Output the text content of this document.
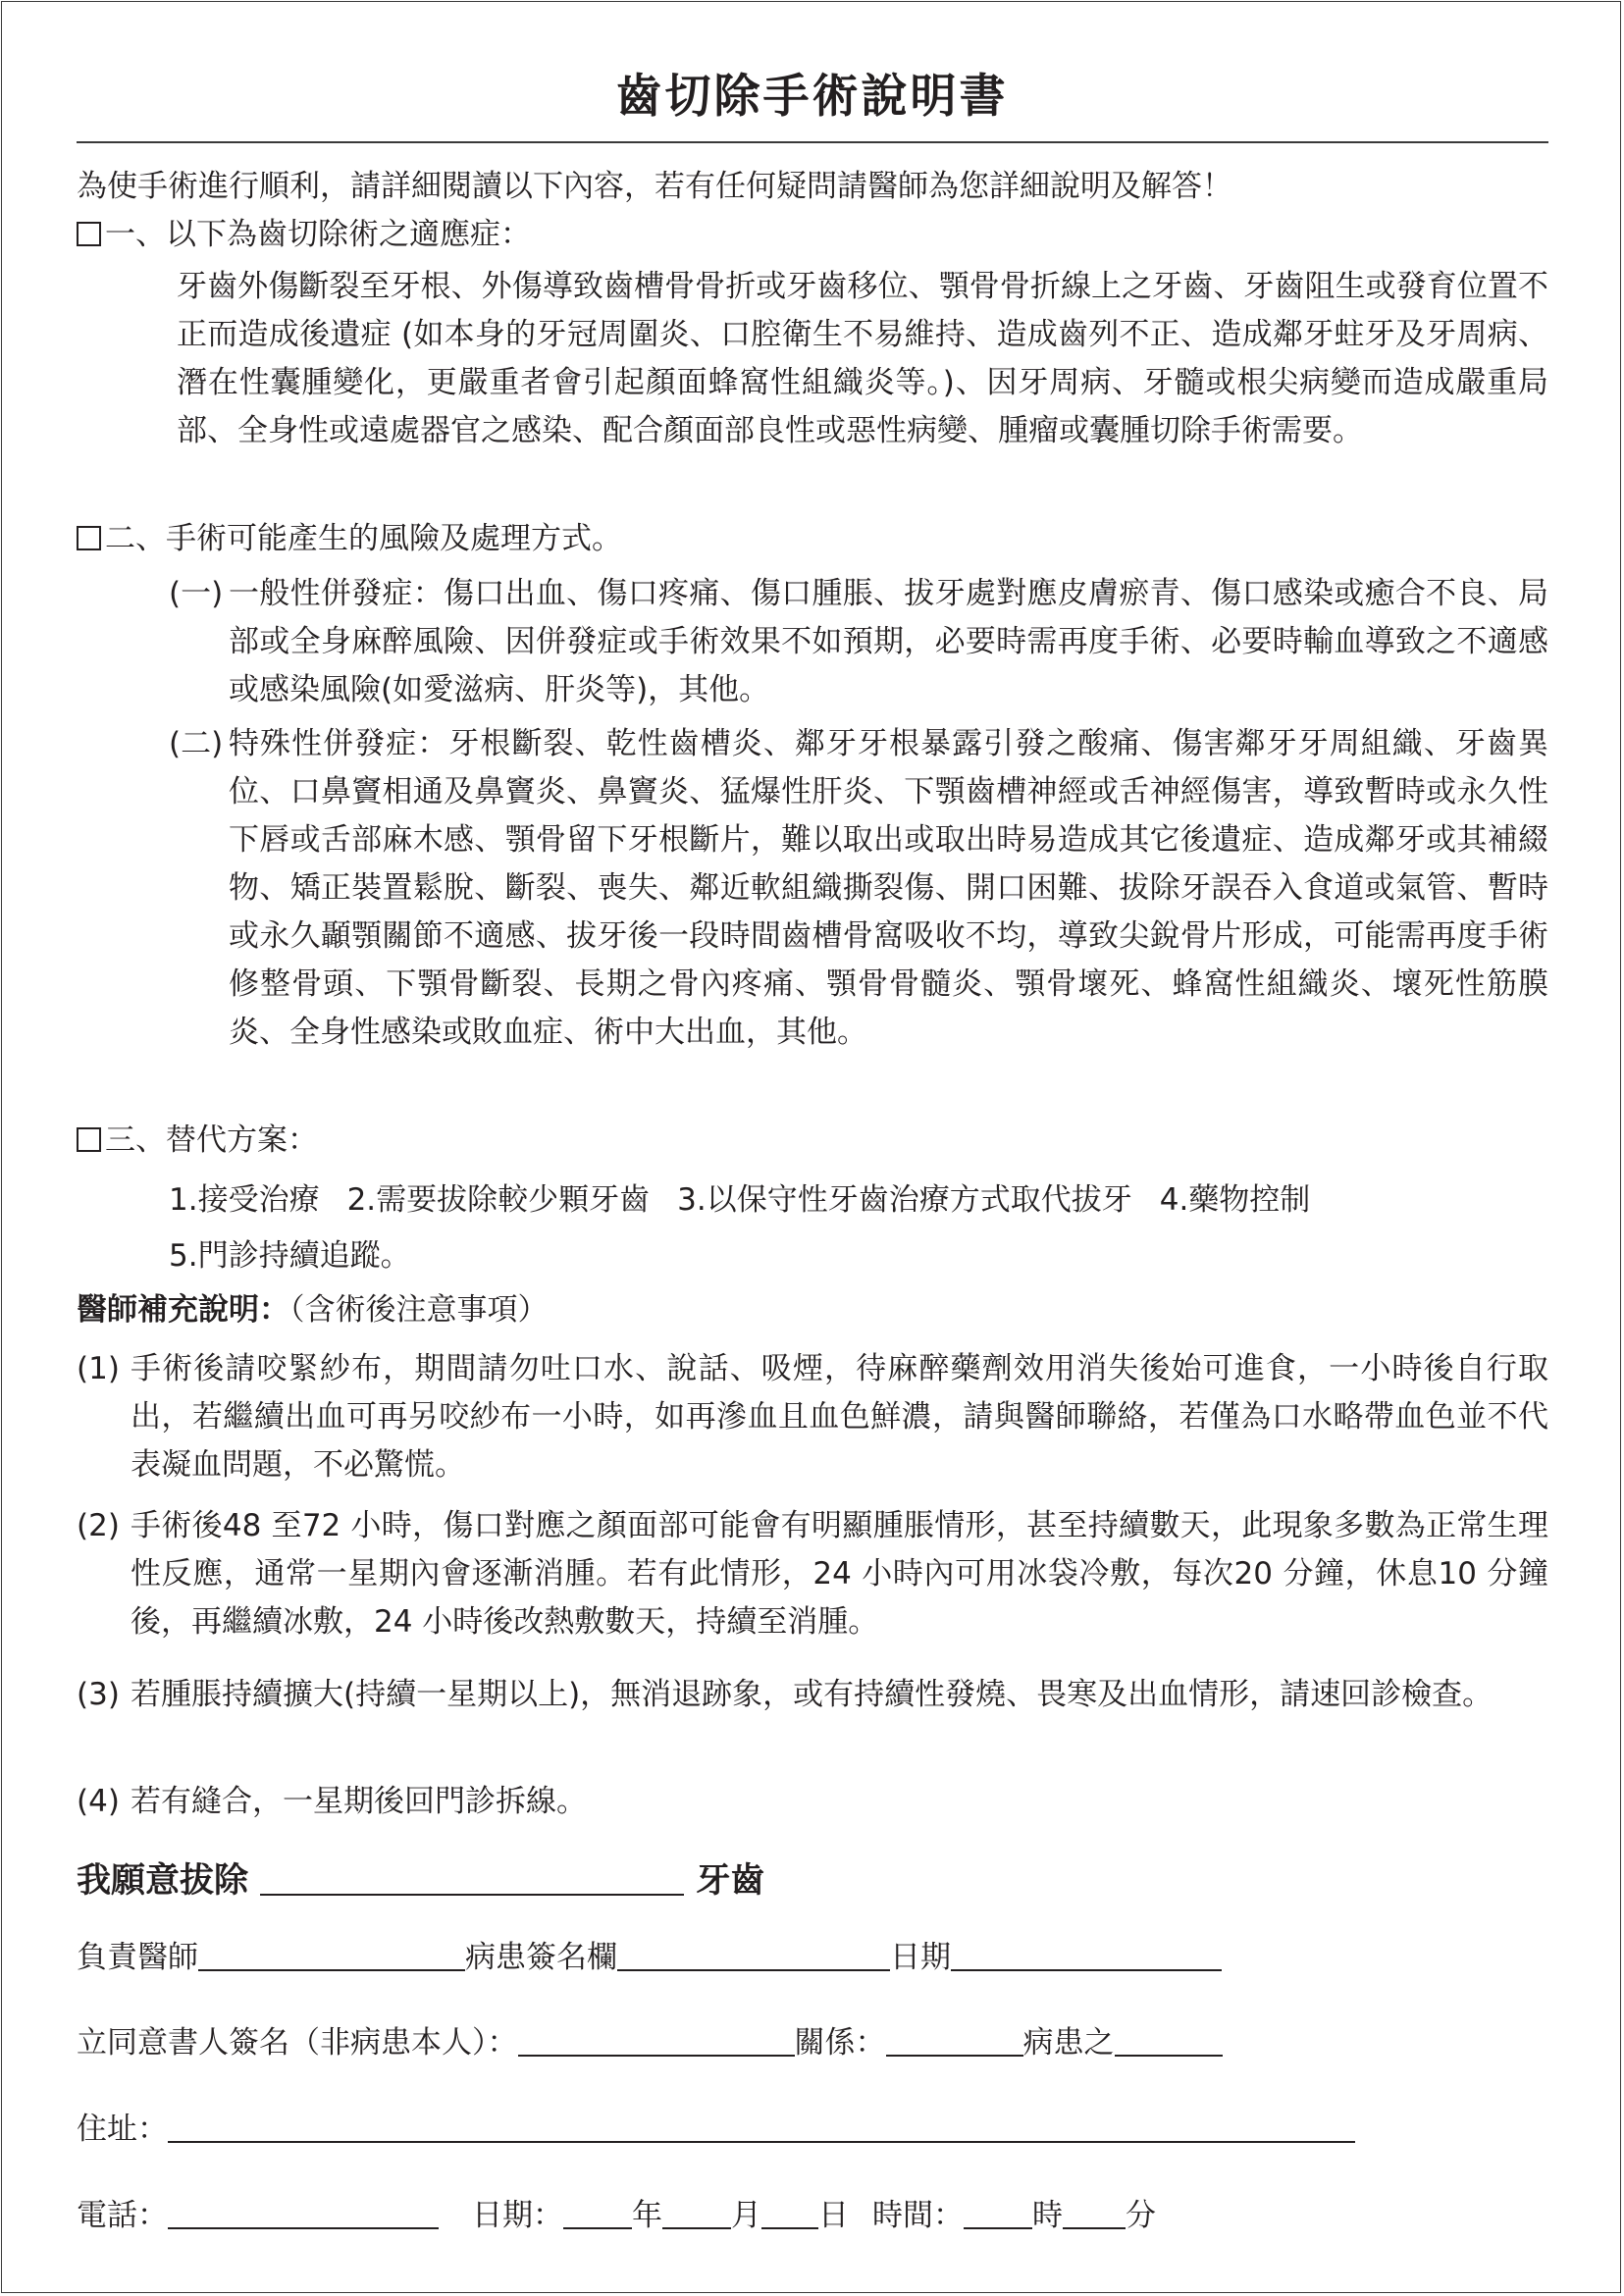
齒切除手術說明書

為使手術進行順利，請詳細閱讀以下內容，若有任何疑問請醫師為您詳細說明及解答！

一、以下為齒切除術之適應症：

牙齒外傷斷裂至牙根、外傷導致齒槽骨骨折或牙齒移位、顎骨骨折線上之牙齒、牙齒阻生或發育位置不正而造成後遺症 (如本身的牙冠周圍炎、口腔衛生不易維持、造成齒列不正、造成鄰牙蛀牙及牙周病、潛在性囊腫變化，更嚴重者會引起顏面蜂窩性組織炎等。)、因牙周病、牙髓或根尖病變而造成嚴重局部、全身性或遠處器官之感染、配合顏面部良性或惡性病變、腫瘤或囊腫切除手術需要。

二、手術可能產生的風險及處理方式。

(一) 一般性併發症：傷口出血、傷口疼痛、傷口腫脹、拔牙處對應皮膚瘀青、傷口感染或癒合不良、局部或全身麻醉風險、因併發症或手術效果不如預期，必要時需再度手術、必要時輸血導致之不適感或感染風險(如愛滋病、肝炎等)，其他。

(二) 特殊性併發症：牙根斷裂、乾性齒槽炎、鄰牙牙根暴露引發之酸痛、傷害鄰牙牙周組織、牙齒異位、口鼻竇相通及鼻竇炎、鼻竇炎、猛爆性肝炎、下顎齒槽神經或舌神經傷害，導致暫時或永久性下唇或舌部麻木感、顎骨留下牙根斷片，難以取出或取出時易造成其它後遺症、造成鄰牙或其補綴物、矯正裝置鬆脫、斷裂、喪失、鄰近軟組織撕裂傷、開口困難、拔除牙誤吞入食道或氣管、暫時或永久顳顎關節不適感、拔牙後一段時間齒槽骨窩吸收不均，導致尖銳骨片形成，可能需再度手術修整骨頭、下顎骨斷裂、長期之骨內疼痛、顎骨骨髓炎、顎骨壞死、蜂窩性組織炎、壞死性筋膜炎、全身性感染或敗血症、術中大出血，其他。

三、替代方案：

1.接受治療 2.需要拔除較少顆牙齒 3.以保守性牙齒治療方式取代拔牙 4.藥物控制

5.門診持續追蹤。

醫師補充說明：（含術後注意事項）

(1) 手術後請咬緊紗布，期間請勿吐口水、說話、吸煙，待麻醉藥劑效用消失後始可進食，一小時後自行取出，若繼續出血可再另咬紗布一小時，如再滲血且血色鮮濃，請與醫師聯絡，若僅為口水略帶血色並不代表凝血問題，不必驚慌。

(2) 手術後48 至72 小時，傷口對應之顏面部可能會有明顯腫脹情形，甚至持續數天，此現象多數為正常生理性反應，通常一星期內會逐漸消腫。若有此情形，24 小時內可用冰袋冷敷，每次20 分鐘，休息10 分鐘後，再繼續冰敷，24 小時後改熱敷數天，持續至消腫。

(3) 若腫脹持續擴大(持續一星期以上)，無消退跡象，或有持續性發燒、畏寒及出血情形，請速回診檢查。

(4) 若有縫合，一星期後回門診拆線。

我願意拔除	牙齒

負責醫師	病患簽名欄	日期

立同意書人簽名（非病患本人）：	關係：	病患之

住址：

電話：	日期： 年 月 日 時間： 時 分
